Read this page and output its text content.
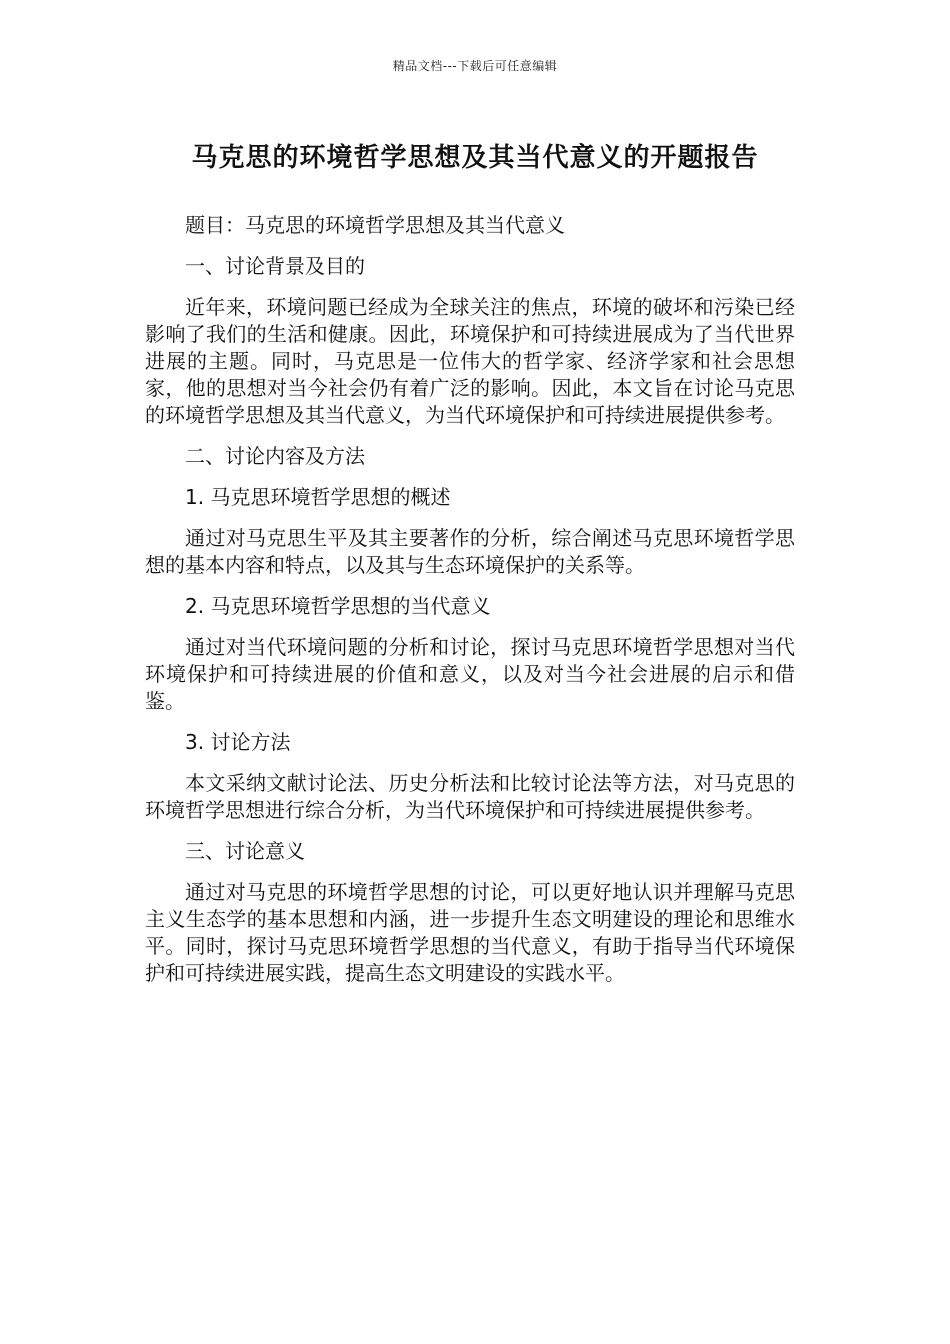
精品文档---下载后可任意编辑
马克思的环境哲学思想及其当代意义的开题报告

题目：马克思的环境哲学思想及其当代意义

一、讨论背景及目的

近年来，环境问题已经成为全球关注的焦点，环境的破坏和污染已经影响了我们的生活和健康。因此，环境保护和可持续进展成为了当代世界进展的主题。同时，马克思是一位伟大的哲学家、经济学家和社会思想家，他的思想对当今社会仍有着广泛的影响。因此，本文旨在讨论马克思的环境哲学思想及其当代意义，为当代环境保护和可持续进展提供参考。

二、讨论内容及方法

1. 马克思环境哲学思想的概述

通过对马克思生平及其主要著作的分析，综合阐述马克思环境哲学思想的基本内容和特点，以及其与生态环境保护的关系等。

2. 马克思环境哲学思想的当代意义

通过对当代环境问题的分析和讨论，探讨马克思环境哲学思想对当代环境保护和可持续进展的价值和意义，以及对当今社会进展的启示和借鉴。

3. 讨论方法

本文采纳文献讨论法、历史分析法和比较讨论法等方法，对马克思的环境哲学思想进行综合分析，为当代环境保护和可持续进展提供参考。

三、讨论意义

通过对马克思的环境哲学思想的讨论，可以更好地认识并理解马克思主义生态学的基本思想和内涵，进一步提升生态文明建设的理论和思维水平。同时，探讨马克思环境哲学思想的当代意义，有助于指导当代环境保护和可持续进展实践，提高生态文明建设的实践水平。
